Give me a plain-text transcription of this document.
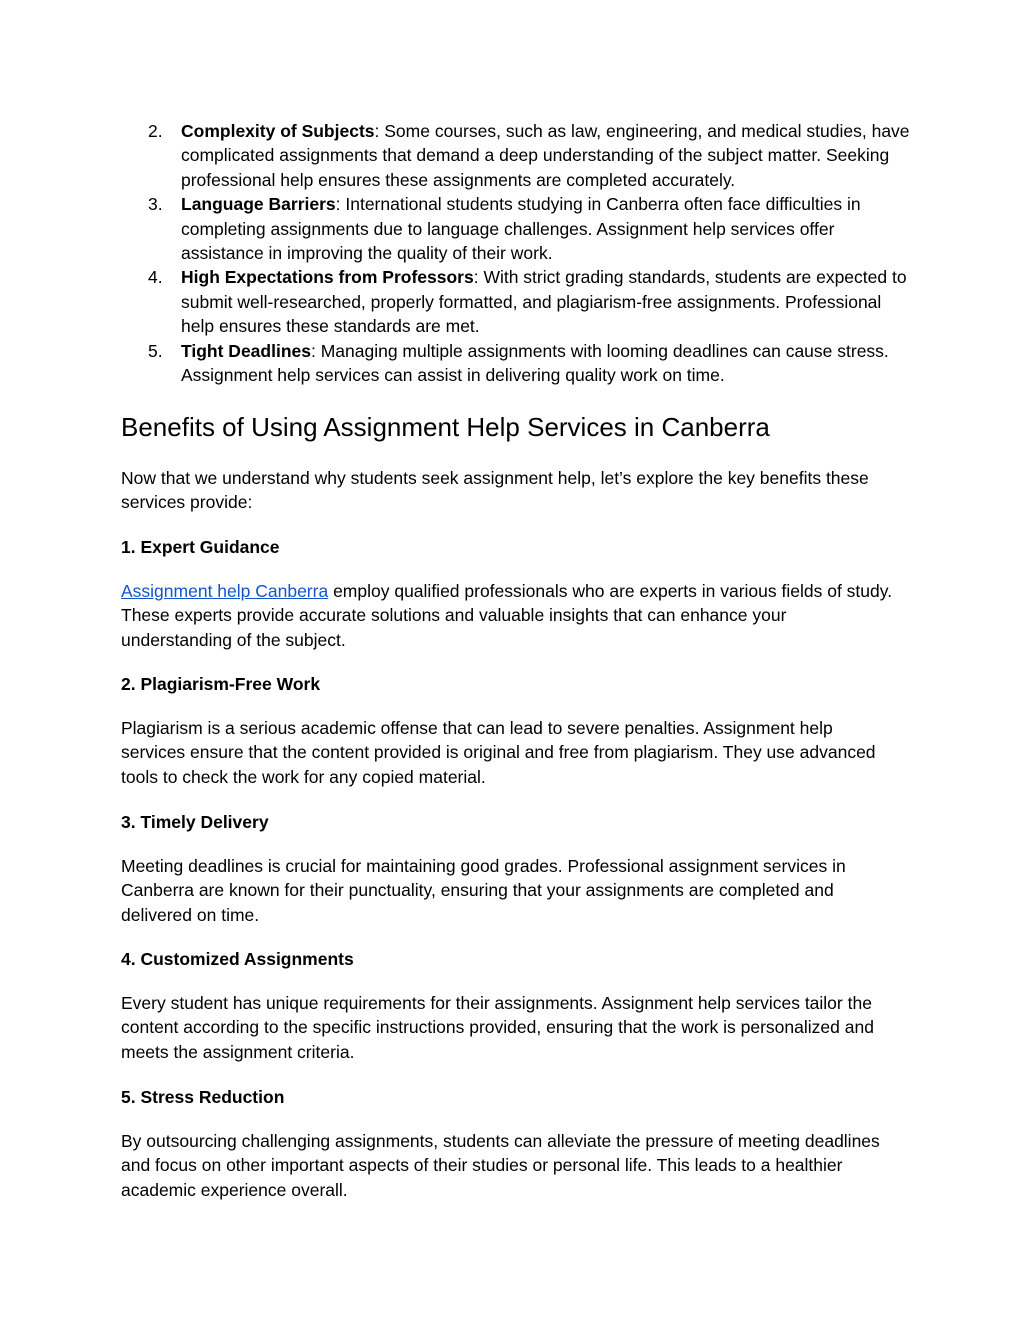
2. Complexity of Subjects: Some courses, such as law, engineering, and medical studies, have complicated assignments that demand a deep understanding of the subject matter. Seeking professional help ensures these assignments are completed accurately.
3. Language Barriers: International students studying in Canberra often face difficulties in completing assignments due to language challenges. Assignment help services offer assistance in improving the quality of their work.
4. High Expectations from Professors: With strict grading standards, students are expected to submit well-researched, properly formatted, and plagiarism-free assignments. Professional help ensures these standards are met.
5. Tight Deadlines: Managing multiple assignments with looming deadlines can cause stress. Assignment help services can assist in delivering quality work on time.
Benefits of Using Assignment Help Services in Canberra

Now that we understand why students seek assignment help, let’s explore the key benefits these services provide:

1. Expert Guidance

Assignment help Canberra employ qualified professionals who are experts in various fields of study. These experts provide accurate solutions and valuable insights that can enhance your understanding of the subject.

2. Plagiarism-Free Work

Plagiarism is a serious academic offense that can lead to severe penalties. Assignment help services ensure that the content provided is original and free from plagiarism. They use advanced tools to check the work for any copied material.

3. Timely Delivery

Meeting deadlines is crucial for maintaining good grades. Professional assignment services in Canberra are known for their punctuality, ensuring that your assignments are completed and delivered on time.

4. Customized Assignments

Every student has unique requirements for their assignments. Assignment help services tailor the content according to the specific instructions provided, ensuring that the work is personalized and meets the assignment criteria.

5. Stress Reduction

By outsourcing challenging assignments, students can alleviate the pressure of meeting deadlines and focus on other important aspects of their studies or personal life. This leads to a healthier academic experience overall.
